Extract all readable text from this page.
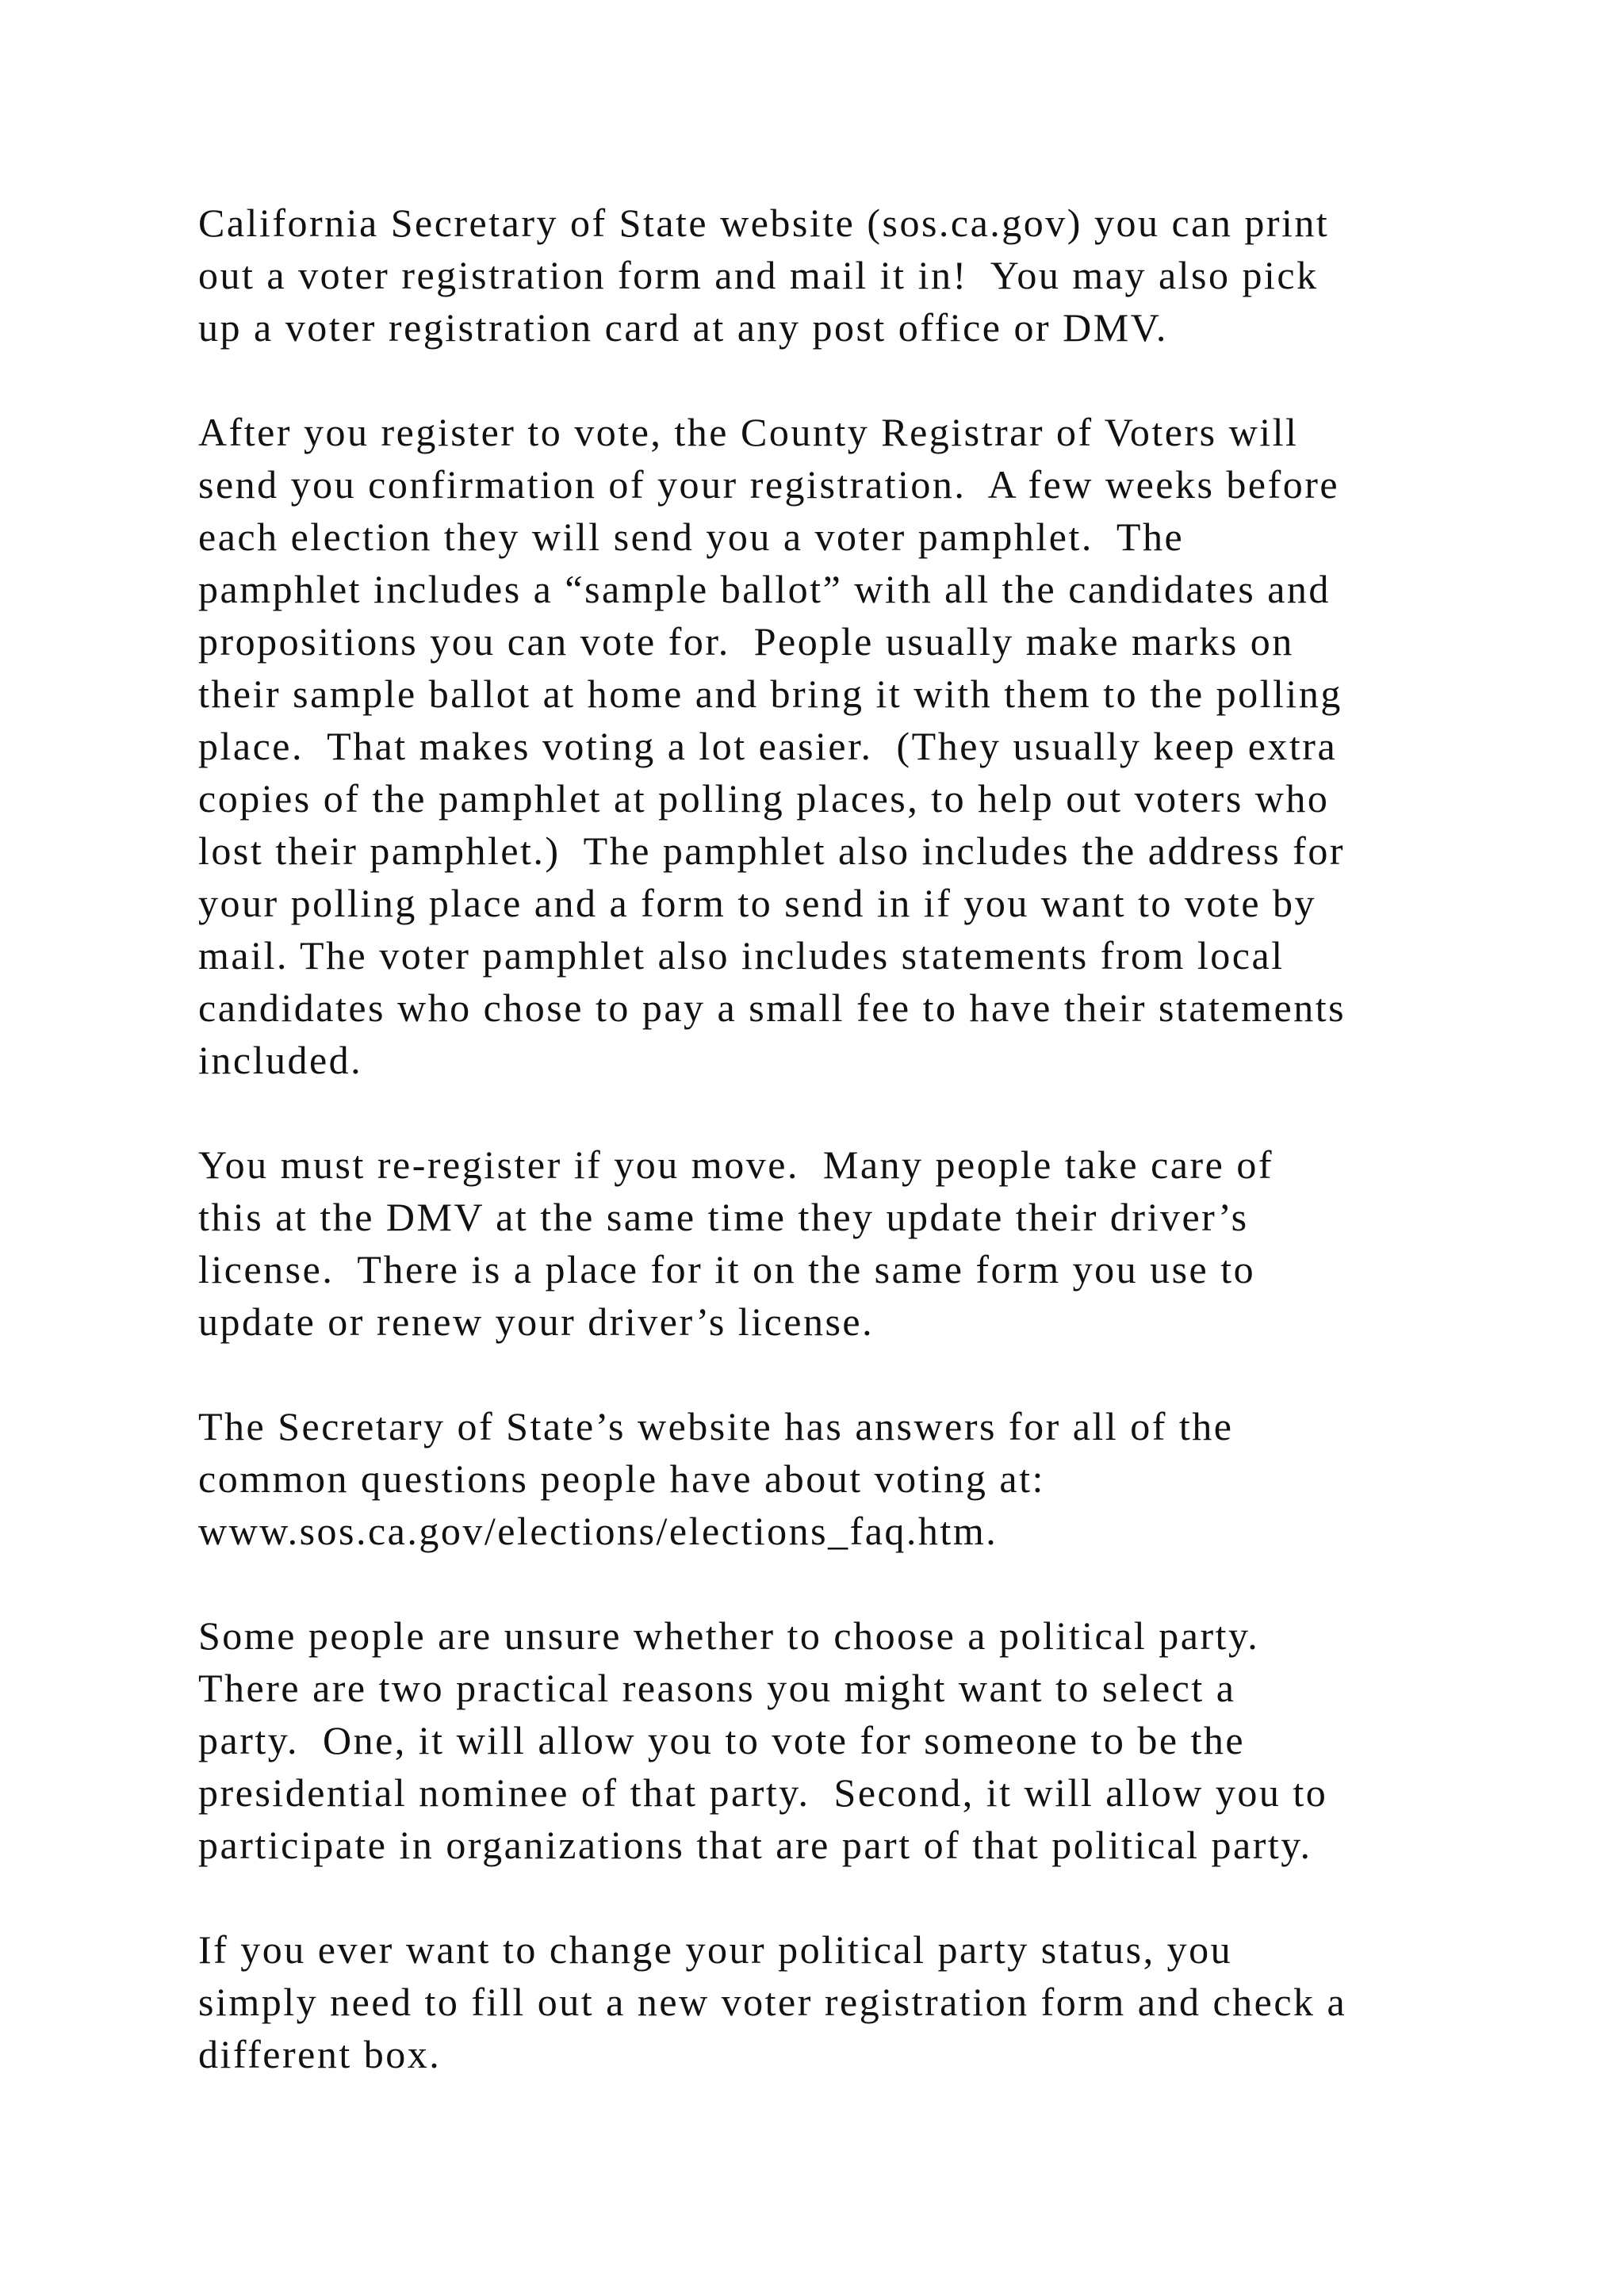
California Secretary of State website (sos.ca.gov) you can print
out a voter registration form and mail it in!  You may also pick
up a voter registration card at any post office or DMV.
After you register to vote, the County Registrar of Voters will
send you confirmation of your registration.  A few weeks before
each election they will send you a voter pamphlet.  The
pamphlet includes a “sample ballot” with all the candidates and
propositions you can vote for.  People usually make marks on
their sample ballot at home and bring it with them to the polling
place.  That makes voting a lot easier.  (They usually keep extra
copies of the pamphlet at polling places, to help out voters who
lost their pamphlet.)  The pamphlet also includes the address for
your polling place and a form to send in if you want to vote by
mail. The voter pamphlet also includes statements from local
candidates who chose to pay a small fee to have their statements
included.
You must re-register if you move.  Many people take care of
this at the DMV at the same time they update their driver’s
license.  There is a place for it on the same form you use to
update or renew your driver’s license.
The Secretary of State’s website has answers for all of the
common questions people have about voting at:
www.sos.ca.gov/elections/elections_faq.htm.
Some people are unsure whether to choose a political party.
There are two practical reasons you might want to select a
party.  One, it will allow you to vote for someone to be the
presidential nominee of that party.  Second, it will allow you to
participate in organizations that are part of that political party.
If you ever want to change your political party status, you
simply need to fill out a new voter registration form and check a
different box.
